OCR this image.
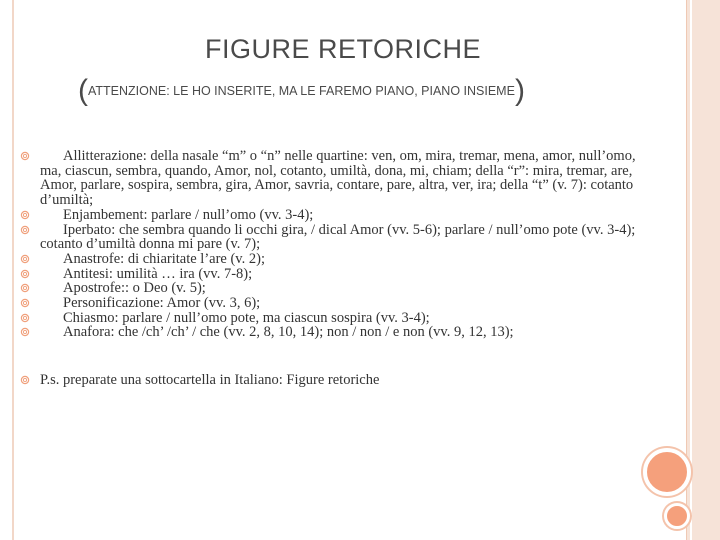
FIGURE RETORICHE
(ATTENZIONE: LE HO INSERITE, MA LE FAREMO PIANO, PIANO INSIEME)
Allitterazione: della nasale “m” o “n” nelle quartine: ven, om, mira, tremar, mena, amor, null’omo, ma, ciascun, sembra, quando, Amor, nol, cotanto, umiltà, dona, mi, chiam; della “r”: mira, tremar, are, Amor, parlare, sospira, sembra, gira, Amor, savria, contare, pare, altra, ver, ira; della “t” (v. 7): cotanto d’umiltà;
Enjambement: parlare / null’omo (vv. 3-4);
Iperbato: che sembra quando li occhi gira, / dical Amor (vv. 5-6); parlare / null’omo pote (vv. 3-4); cotanto d’umiltà donna mi pare (v. 7);
Anastrofe: di chiaritate l’are (v. 2);
Antitesi: umilità … ira (vv. 7-8);
Apostrofe:: o Deo (v. 5);
Personificazione: Amor (vv. 3, 6);
Chiasmo: parlare / null’omo pote, ma ciascun sospira (vv. 3-4);
Anafora: che /ch’ /ch’ / che (vv. 2, 8, 10, 14); non / non / e non (vv. 9, 12, 13);
P.s. preparate una sottocartella in Italiano: Figure retoriche
